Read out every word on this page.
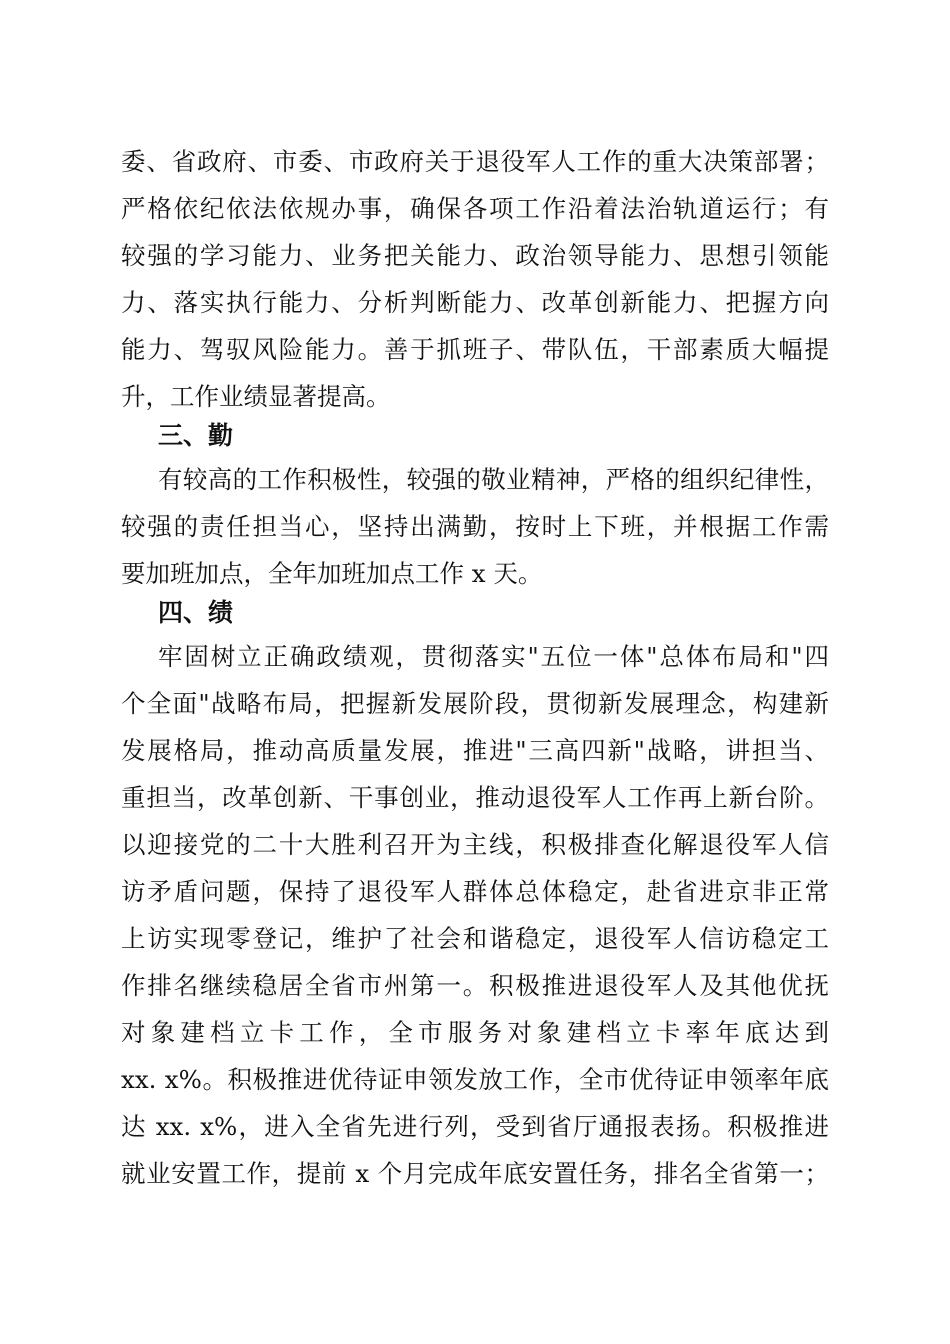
委、省政府、市委、市政府关于退役军人工作的重大决策部署；
严格依纪依法依规办事，确保各项工作沿着法治轨道运行；有
较强的学习能力、业务把关能力、政治领导能力、思想引领能
力、落实执行能力、分析判断能力、改革创新能力、把握方向
能力、驾驭风险能力。善于抓班子、带队伍，干部素质大幅提
升，工作业绩显著提高。
三、勤
有较高的工作积极性，较强的敬业精神，严格的组织纪律性，
较强的责任担当心，坚持出满勤，按时上下班，并根据工作需
要加班加点，全年加班加点工作 x 天。
四、绩
牢固树立正确政绩观，贯彻落实"五位一体"总体布局和"四
个全面"战略布局，把握新发展阶段，贯彻新发展理念，构建新
发展格局，推动高质量发展，推进"三高四新"战略，讲担当、
重担当，改革创新、干事创业，推动退役军人工作再上新台阶。
以迎接党的二十大胜利召开为主线，积极排查化解退役军人信
访矛盾问题，保持了退役军人群体总体稳定，赴省进京非正常
上访实现零登记，维护了社会和谐稳定，退役军人信访稳定工
作排名继续稳居全省市州第一。积极推进退役军人及其他优抚
对象建档立卡工作，全市服务对象建档立卡率年底达到
xx. x%。积极推进优待证申领发放工作，全市优待证申领率年底
达 xx. x%，进入全省先进行列，受到省厅通报表扬。积极推进
就业安置工作，提前 x 个月完成年底安置任务，排名全省第一；
